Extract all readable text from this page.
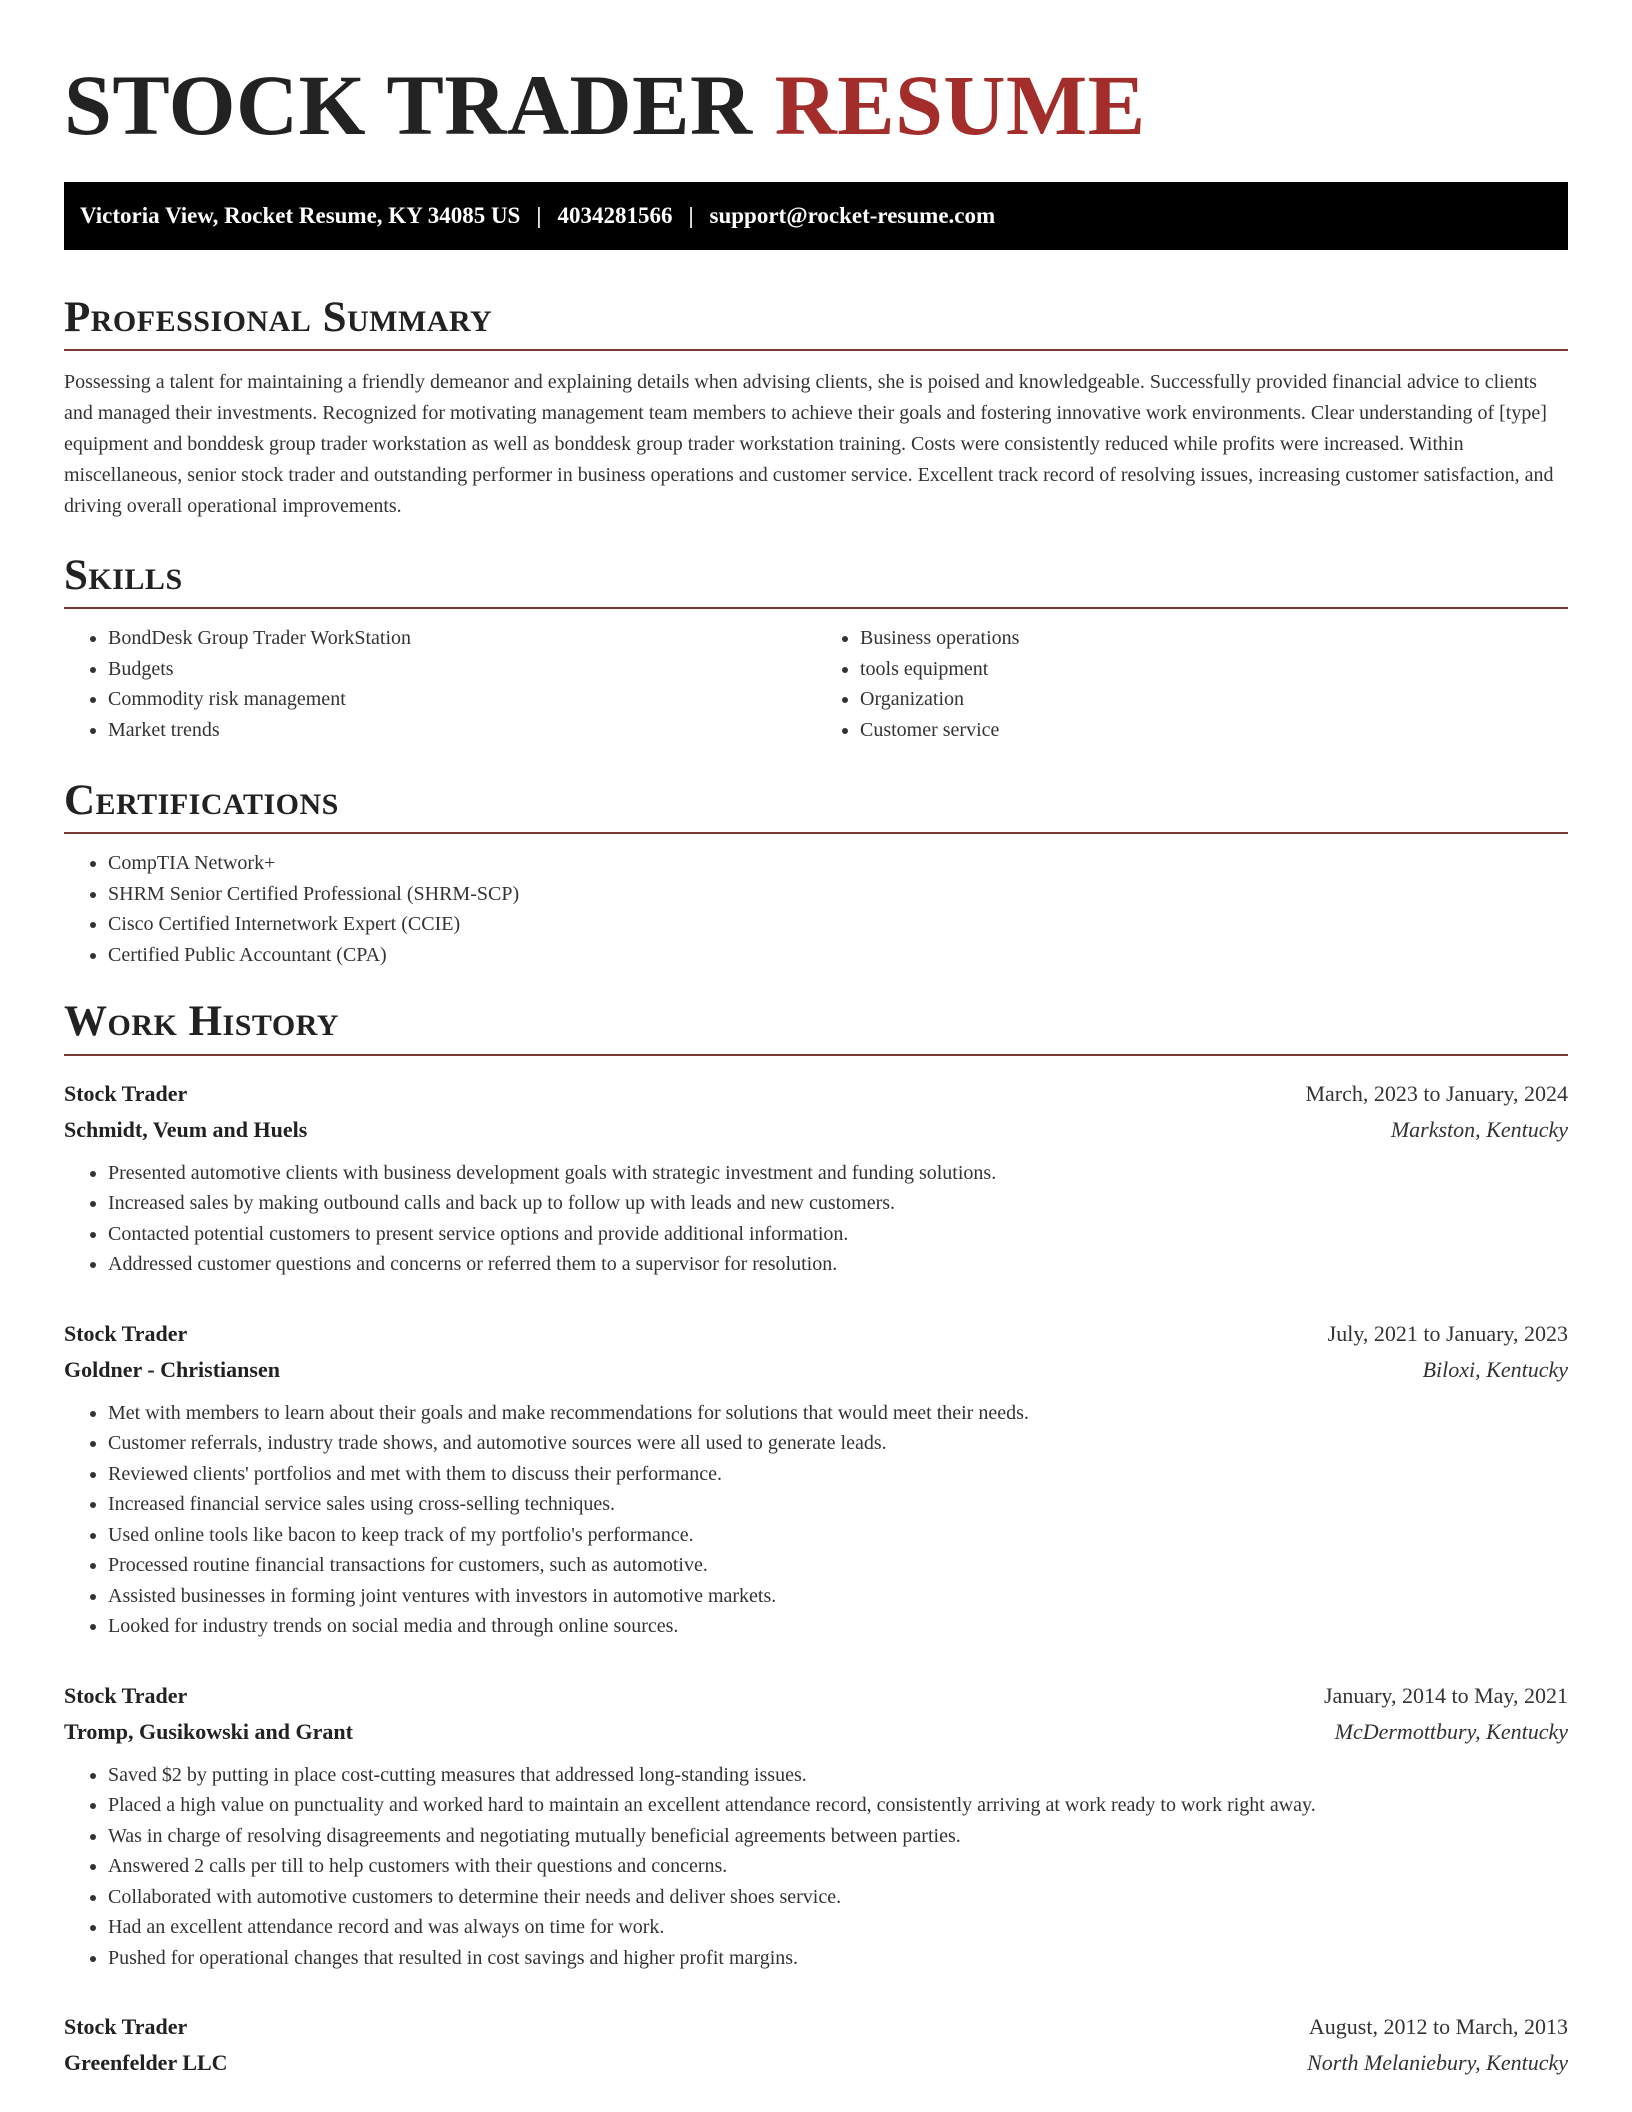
STOCK TRADER RESUME
Victoria View, Rocket Resume, KY 34085 US | 4034281566 | support@rocket-resume.com
Professional Summary

Possessing a talent for maintaining a friendly demeanor and explaining details when advising clients, she is poised and knowledgeable. Successfully provided financial advice to clients and managed their investments. Recognized for motivating management team members to achieve their goals and fostering innovative work environments. Clear understanding of [type] equipment and bonddesk group trader workstation as well as bonddesk group trader workstation training. Costs were consistently reduced while profits were increased. Within miscellaneous, senior stock trader and outstanding performer in business operations and customer service. Excellent track record of resolving issues, increasing customer satisfaction, and driving overall operational improvements.

Skills
• BondDesk Group Trader WorkStation
• Budgets
• Commodity risk management
• Market trends
• Business operations
• tools equipment
• Organization
• Customer service
Certifications
• CompTIA Network+
• SHRM Senior Certified Professional (SHRM-SCP)
• Cisco Certified Internetwork Expert (CCIE)
• Certified Public Accountant (CPA)
Work History
Stock Trader	March, 2023 to January, 2024
Schmidt, Veum and Huels	Markston, Kentucky
• Presented automotive clients with business development goals with strategic investment and funding solutions.
• Increased sales by making outbound calls and back up to follow up with leads and new customers.
• Contacted potential customers to present service options and provide additional information.
• Addressed customer questions and concerns or referred them to a supervisor for resolution.
Stock Trader	July, 2021 to January, 2023
Goldner - Christiansen	Biloxi, Kentucky
• Met with members to learn about their goals and make recommendations for solutions that would meet their needs.
• Customer referrals, industry trade shows, and automotive sources were all used to generate leads.
• Reviewed clients' portfolios and met with them to discuss their performance.
• Increased financial service sales using cross-selling techniques.
• Used online tools like bacon to keep track of my portfolio's performance.
• Processed routine financial transactions for customers, such as automotive.
• Assisted businesses in forming joint ventures with investors in automotive markets.
• Looked for industry trends on social media and through online sources.
Stock Trader	January, 2014 to May, 2021
Tromp, Gusikowski and Grant	McDermottbury, Kentucky
• Saved $2 by putting in place cost-cutting measures that addressed long-standing issues.
• Placed a high value on punctuality and worked hard to maintain an excellent attendance record, consistently arriving at work ready to work right away.
• Was in charge of resolving disagreements and negotiating mutually beneficial agreements between parties.
• Answered 2 calls per till to help customers with their questions and concerns.
• Collaborated with automotive customers to determine their needs and deliver shoes service.
• Had an excellent attendance record and was always on time for work.
• Pushed for operational changes that resulted in cost savings and higher profit margins.
Stock Trader	August, 2012 to March, 2013
Greenfelder LLC	North Melaniebury, Kentucky
